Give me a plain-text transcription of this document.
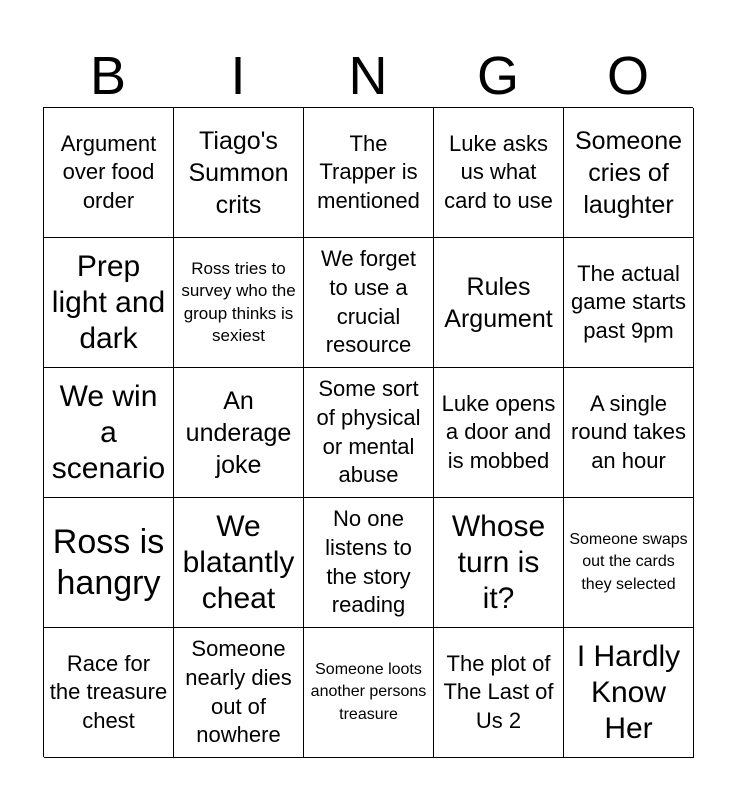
B	I	N	G	O
Argument over food order
Tiago's Summon crits
The Trapper is mentioned
Luke asks us what card to use
Someone cries of laughter
Prep light and dark
Ross tries to survey who the group thinks is sexiest
We forget to use a crucial resource
Rules Argument
The actual game starts past 9pm
We win a scenario
An underage joke
Some sort of physical or mental abuse
Luke opens a door and is mobbed
A single round takes an hour
Ross is hangry
We blatantly cheat
No one listens to the story reading
Whose turn is it?
Someone swaps out the cards they selected
Race for the treasure chest
Someone nearly dies out of nowhere
Someone loots another persons treasure
The plot of The Last of Us 2
I Hardly Know Her
